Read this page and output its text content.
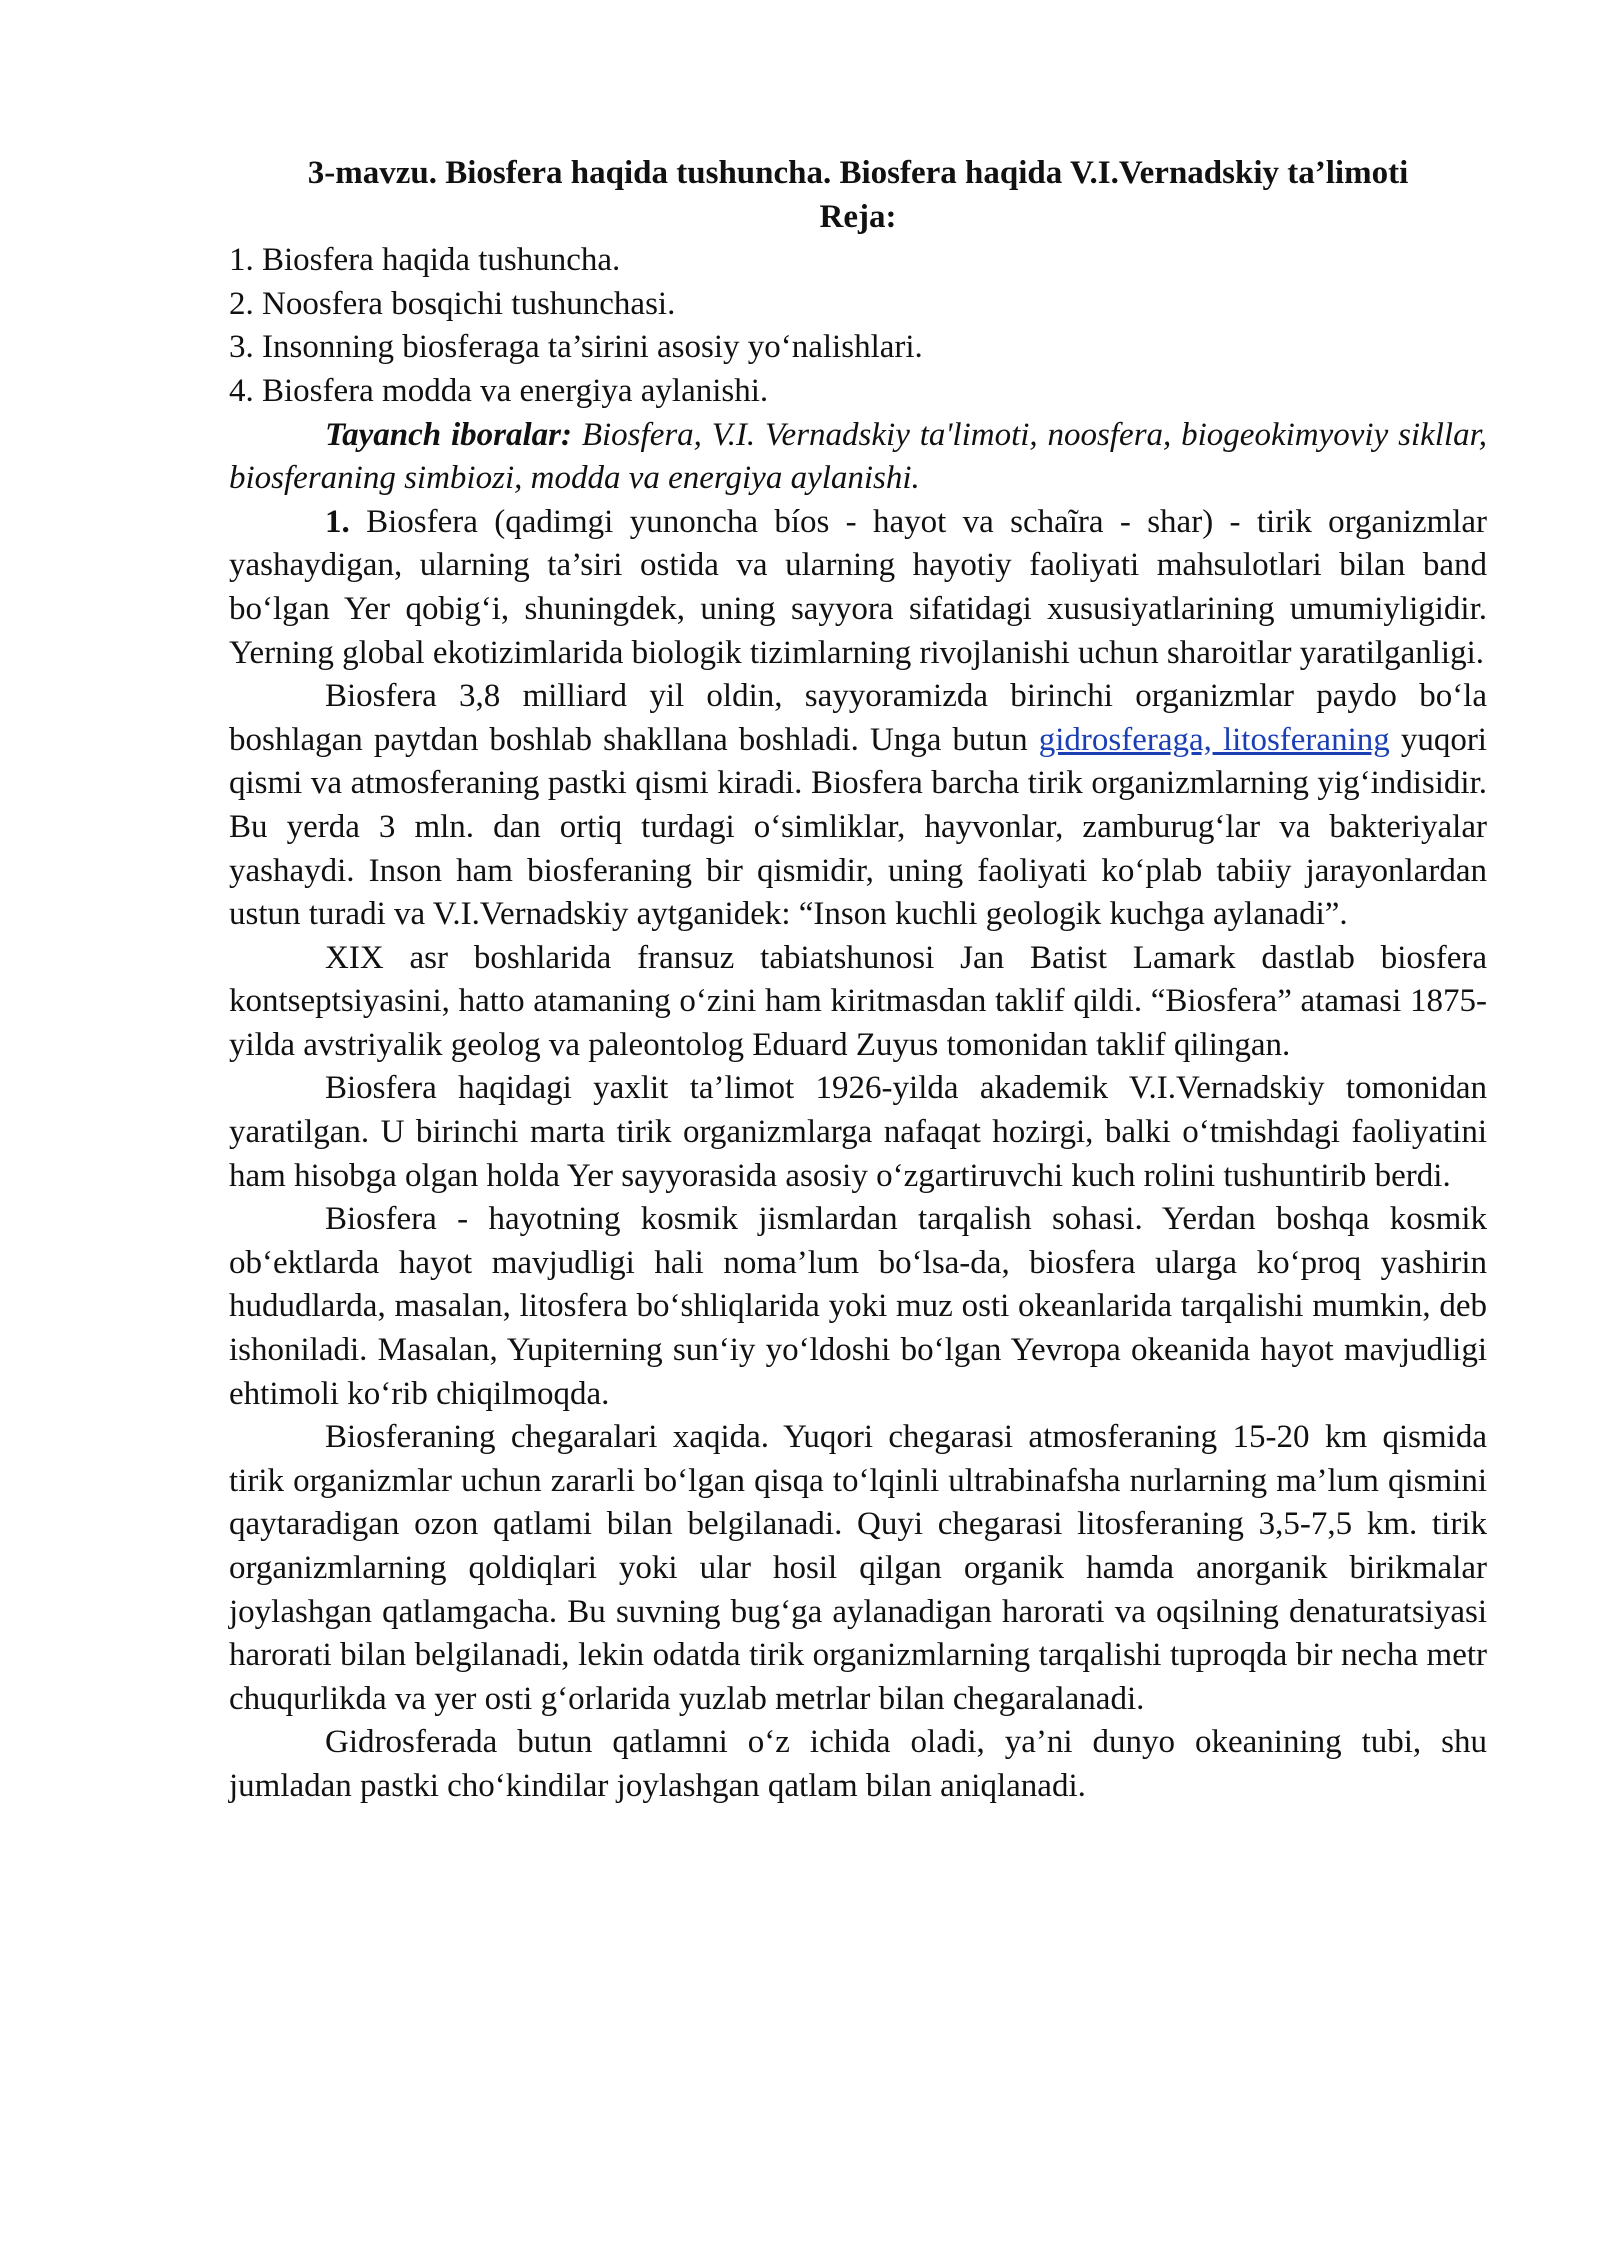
3-mavzu. Biosfera haqida tushuncha. Biosfera haqida V.I.Vernadskiy ta’limoti
Reja:
1. Biosfera haqida tushuncha.
2. Noosfera bosqichi tushunchasi.
3. Insonning biosferaga ta’sirini asosiy yo‘nalishlari.
4. Biosfera modda va energiya aylanishi.

Tayanch iboralar: Biosfera, V.I. Vernadskiy ta'limoti, noosfera, biogeokimyoviy sikllar, biosferaning simbiozi, modda va energiya aylanishi.

1. Biosfera (qadimgi yunoncha bíos - hayot va schaĩra - shar) - tirik organizmlar yashaydigan, ularning ta’siri ostida va ularning hayotiy faoliyati mahsulotlari bilan band bo‘lgan Yer qobig‘i, shuningdek, uning sayyora sifatidagi xususiyatlarining umumiyligidir. Yerning global ekotizimlarida biologik tizimlarning rivojlanishi uchun sharoitlar yaratilganligi.

Biosfera 3,8 milliard yil oldin, sayyoramizda birinchi organizmlar paydo bo‘la boshlagan paytdan boshlab shakllana boshladi. Unga butun gidrosferaga, litosferaning yuqori qismi va atmosferaning pastki qismi kiradi. Biosfera barcha tirik organizmlarning yig‘indisidir. Bu yerda 3 mln. dan ortiq turdagi o‘simliklar, hayvonlar, zamburug‘lar va bakteriyalar yashaydi. Inson ham biosferaning bir qismidir, uning faoliyati ko‘plab tabiiy jarayonlardan ustun turadi va V.I.Vernadskiy aytganidek: “Inson kuchli geologik kuchga aylanadi”.

XIX asr boshlarida fransuz tabiatshunosi Jan Batist Lamark dastlab biosfera kontseptsiyasini, hatto atamaning o‘zini ham kiritmasdan taklif qildi. “Biosfera” atamasi 1875-yilda avstriyalik geolog va paleontolog Eduard Zuyus tomonidan taklif qilingan.

Biosfera haqidagi yaxlit ta’limot 1926-yilda akademik V.I.Vernadskiy tomonidan yaratilgan. U birinchi marta tirik organizmlarga nafaqat hozirgi, balki o‘tmishdagi faoliyatini ham hisobga olgan holda Yer sayyorasida asosiy o‘zgartiruvchi kuch rolini tushuntirib berdi.

Biosfera - hayotning kosmik jismlardan tarqalish sohasi. Yerdan boshqa kosmik ob‘ektlarda hayot mavjudligi hali noma’lum bo‘lsa-da, biosfera ularga ko‘proq yashirin hududlarda, masalan, litosfera bo‘shliqlarida yoki muz osti okeanlarida tarqalishi mumkin, deb ishoniladi. Masalan, Yupiterning sun‘iy yo‘ldoshi bo‘lgan Yevropa okeanida hayot mavjudligi ehtimoli ko‘rib chiqilmoqda.

Biosferaning chegaralari xaqida. Yuqori chegarasi atmosferaning 15-20 km qismida tirik organizmlar uchun zararli bo‘lgan qisqa to‘lqinli ultrabinafsha nurlarning ma’lum qismini qaytaradigan ozon qatlami bilan belgilanadi. Quyi chegarasi litosferaning 3,5-7,5 km. tirik organizmlarning qoldiqlari yoki ular hosil qilgan organik hamda anorganik birikmalar joylashgan qatlamgacha. Bu suvning bug‘ga aylanadigan harorati va oqsilning denaturatsiyasi harorati bilan belgilanadi, lekin odatda tirik organizmlarning tarqalishi tuproqda bir necha metr chuqurlikda va yer osti g‘orlarida yuzlab metrlar bilan chegaralanadi.

Gidrosferada butun qatlamni o‘z ichida oladi, ya’ni dunyo okeanining tubi, shu jumladan pastki cho‘kindilar joylashgan qatlam bilan aniqlanadi.
